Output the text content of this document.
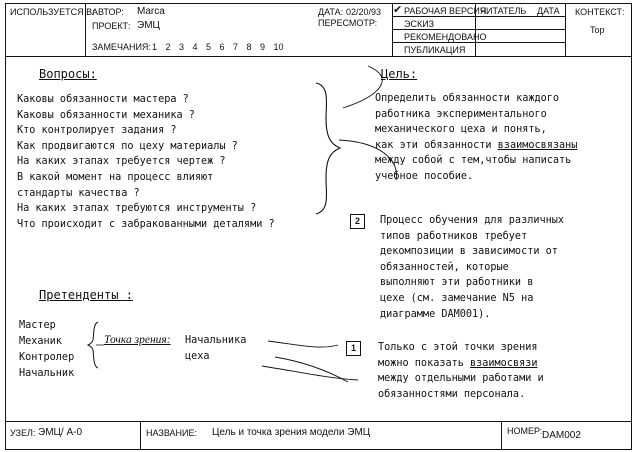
ИСПОЛЬЗУЕТСЯ В:
АВТОР: Marca
ПРОЕКТ: ЭМЦ
ЗАМЕЧАНИЯ: 1 2 3 4 5 6 7 8 9 10
ДАТА: 02/20/93
ПЕРЕСМОТР:
✔ РАБОЧАЯ ВЕРСИЯ
ЭСКИЗ
РЕКОМЕНДОВАНО
ПУБЛИКАЦИЯ
ЧИТАТЕЛЬ ДАТА КОНТЕКСТ:
Top
Вопросы:
Каковы обязанности мастера ?
Каковы обязанности механика ?
Кто контролирует задания ?
Как продвигаются по цеху материалы ?
На каких этапах требуется чертеж ?
В какой момент на процесс влияют
стандарты качества ?
На каких этапах требуются инструменты ?
Что происходит с забракованными деталями ?
Цель:
Определить обязанности каждого
работника экспериментального
механического цеха и понять,
как эти обязанности взаимосвязаны
между собой с тем,чтобы написать
учебное пособие.
2	Процесс обучения для различных
типов работников требует
декомпозиции в зависимости от
обязанностей, которые
выполняют эти работники в
цехе (см. замечание N5 на
диаграмме DAM001).
Претенденты :
Мастер
Механик
Контролер
Начальник
Точка зрения: Начальника
цеха
1	Только с этой точки зрения
можно показать взаимосвязи
между отдельными работами и
обязанностями персонала.
УЗЕЛ: ЭМЦ/ A-0	НАЗВАНИЕ: Цель и точка зрения модели ЭМЦ	НОМЕР: DAM002
